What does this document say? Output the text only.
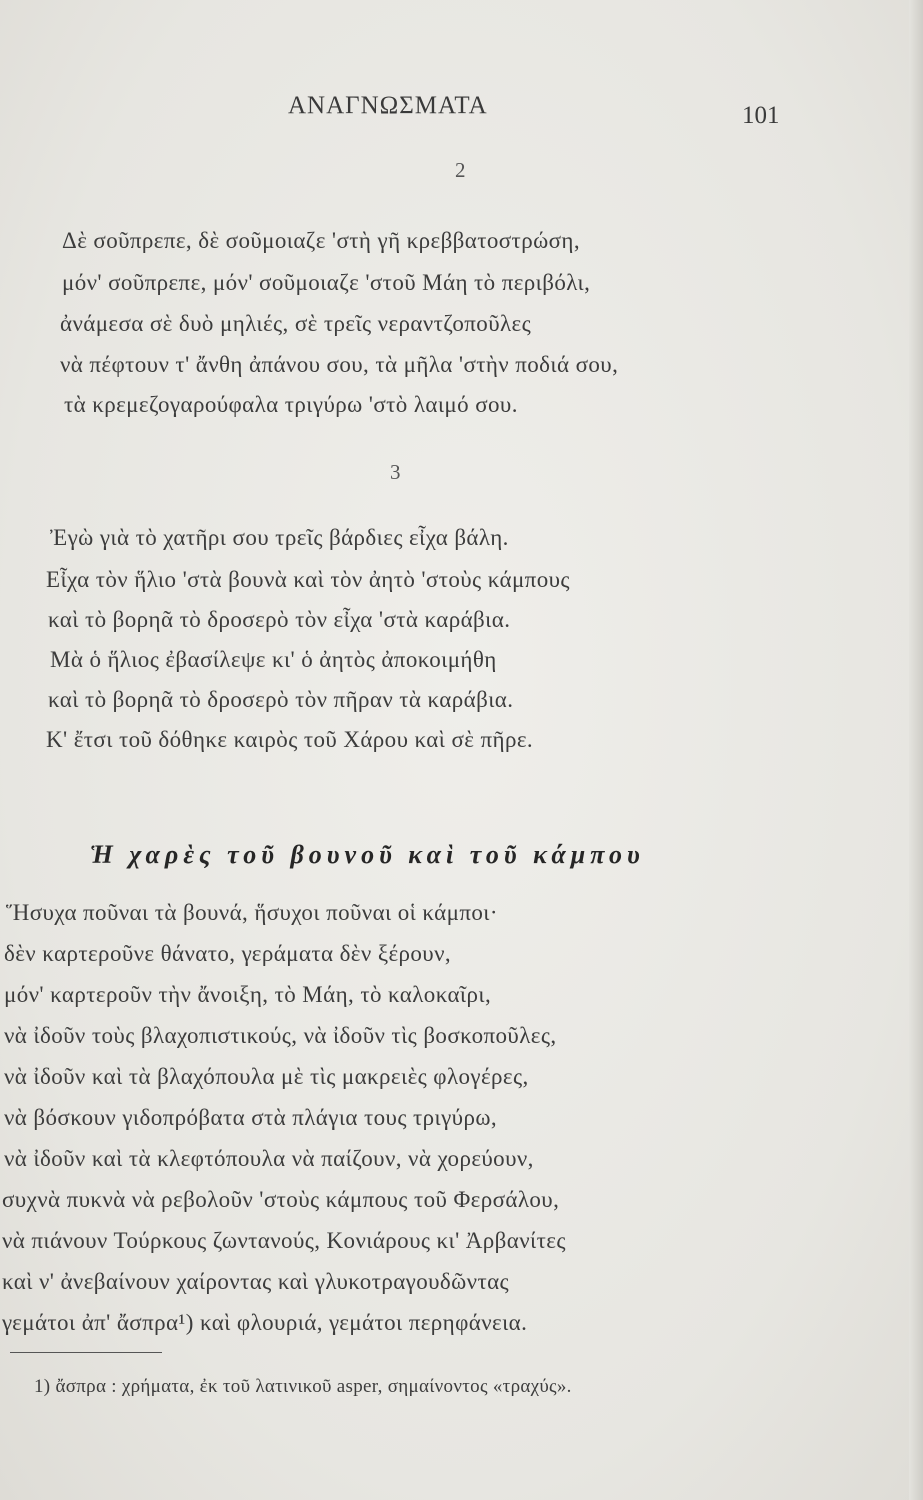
ΑΝΑΓΝΩΣΜΑΤΑ	101
2
Δὲ σοῦπρεπε, δὲ σοῦμοιαζε 'στὴ γῆ κρεββατοστρώση,
μόν' σοῦπρεπε, μόν' σοῦμοιαζε 'στοῦ Μάη τὸ περιβόλι,
ἀνάμεσα σὲ δυὸ μηλιές, σὲ τρεῖς νεραντζοποῦλες
νὰ πέφτουν τ' ἄνθη ἀπάνου σου, τὰ μῆλα 'στὴν ποδιά σου,
τὰ κρεμεζογαρούφαλα τριγύρω 'στὸ λαιμό σου.
3
Ἐγὼ γιὰ τὸ χατῆρι σου τρεῖς βάρδιες εἶχα βάλη.
Εἶχα τὸν ἥλιο 'στὰ βουνὰ καὶ τὸν ἀητὸ 'στοὺς κάμπους
καὶ τὸ βορηᾶ τὸ δροσερὸ τὸν εἶχα 'στὰ καράβια.
Μὰ ὁ ἥλιος ἐβασίλεψε κι' ὁ ἀητὸς ἀποκοιμήθη
καὶ τὸ βορηᾶ τὸ δροσερὸ τὸν πῆραν τὰ καράβια.
Κ' ἔτσι τοῦ δόθηκε καιρὸς τοῦ Χάρου καὶ σὲ πῆρε.
Ἡ χαρὲς τοῦ βουνοῦ καὶ τοῦ κάμπου
Ἥσυχα ποῦναι τὰ βουνά, ἥσυχοι ποῦναι οἱ κάμποι·
δὲν καρτεροῦνε θάνατο, γεράματα δὲν ξέρουν,
μόν' καρτεροῦν τὴν ἄνοιξη, τὸ Μάη, τὸ καλοκαῖρι,
νὰ ἰδοῦν τοὺς βλαχοπιστικούς, νὰ ἰδοῦν τὶς βοσκοποῦλες,
νὰ ἰδοῦν καὶ τὰ βλαχόπουλα μὲ τὶς μακρειὲς φλογέρες,
νὰ βόσκουν γιδοπρόβατα στὰ πλάγια τους τριγύρω,
νὰ ἰδοῦν καὶ τὰ κλεφτόπουλα νὰ παίζουν, νὰ χορεύουν,
συχνὰ πυκνὰ νὰ ρεβολοῦν 'στοὺς κάμπους τοῦ Φερσάλου,
νὰ πιάνουν Τούρκους ζωντανούς, Κονιάρους κι' Ἀρβανίτες
καὶ ν' ἀνεβαίνουν χαίροντας καὶ γλυκοτραγουδῶντας
γεμάτοι ἀπ' ἄσπρα¹) καὶ φλουριά, γεμάτοι περηφάνεια.
1) ἄσπρα : χρήματα, ἐκ τοῦ λατινικοῦ asper, σημαίνοντος «τραχύς».
